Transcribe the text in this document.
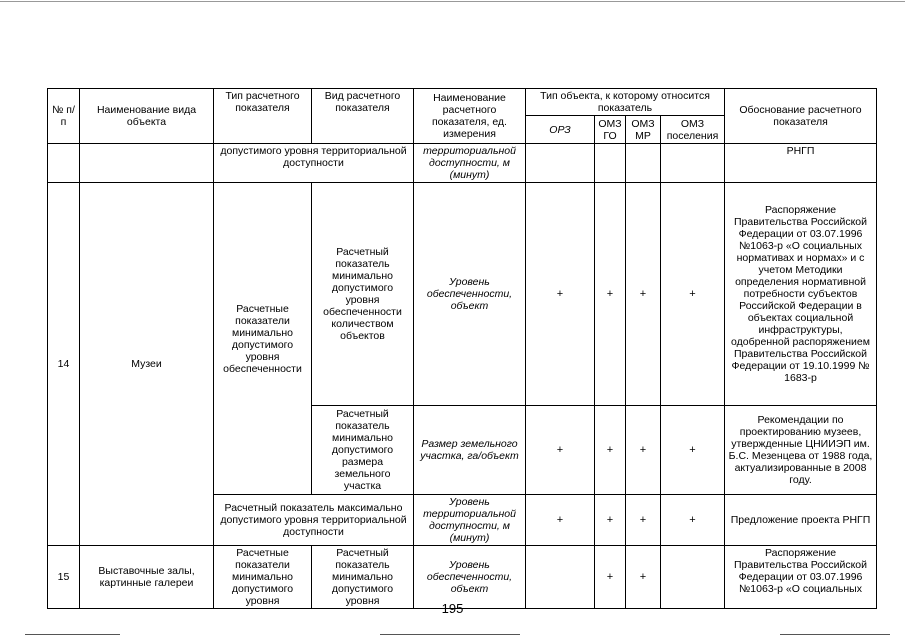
№ п/п	Наименование вида объекта	Тип расчетного показателя	Вид расчетного показателя	Наименование расчетного показателя, ед. измерения	Тип объекта, к которому относится показатель				Обоснование расчетного показателя
					ОРЗ	ОМЗ ГО	ОМЗ МР	ОМЗ поселения	
		допустимого уровня территориальной доступности		территориальной доступности, м (минут)					РНГП
14	Музеи	Расчетные показатели минимально допустимого уровня обеспеченности	Расчетный показатель минимально допустимого уровня обеспеченности количеством объектов	Уровень обеспеченности, объект	+	+	+	+	Распоряжение Правительства Российской Федерации от 03.07.1996 №1063-р «О социальных нормативах и нормах» и с учетом Методики определения нормативной потребности субъектов Российской Федерации в объектах социальной инфраструктуры, одобренной распоряжением Правительства Российской Федерации от 19.10.1999 № 1683-р
			Расчетный показатель минимально допустимого размера земельного участка	Размер земельного участка, га/объект	+	+	+	+	Рекомендации по проектированию музеев, утвержденные ЦНИИЭП им. Б.С. Мезенцева от 1988 года, актуализированные в 2008 году.
		Расчетный показатель максимально допустимого уровня территориальной доступности		Уровень территориальной доступности, м (минут)	+	+	+	+	Предложение проекта РНГП
15	Выставочные залы, картинные галереи	Расчетные показатели минимально допустимого уровня	Расчетный показатель минимально допустимого уровня	Уровень обеспеченности, объект		+	+		Распоряжение Правительства Российской Федерации от 03.07.1996 №1063-р «О социальных
195
